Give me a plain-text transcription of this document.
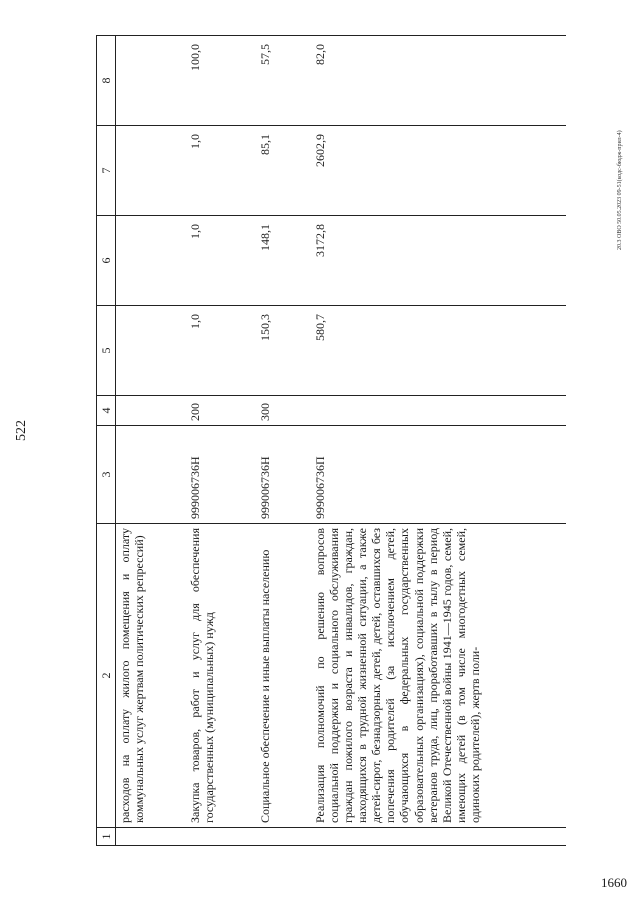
522
1	2	3	4	5	6	7	8
	расходов на оплату жилого помещения и оплату коммунальных услуг жертвам политических репрессий)						
	Закупка товаров, работ и услуг для обеспечения государственных (муниципальных) нужд	999006736Н	200	1,0	1,0	1,0	100,0
	Социальное обеспечение и иные выплаты населению	999006736Н	300	150,3	148,1	85,1	57,5
	Реализация полномочий по решению вопросов социальной поддержки и социального обслуживания граждан пожилого возраста и инвалидов, граждан, находящихся в трудной жизненной ситуации, а также детей-сирот, безнадзорных детей, детей, оставшихся без попечения родителей (за исключением детей, обучающихся в федеральных государственных образовательных организациях), социальной поддержки ветеранов труда, лиц, проработавших в тылу в период Великой Отечественной войны 1941—1945 годов, семей, имеющих детей (в том числе многодетных семей, одиноких родителей), жертв поли-	999006736П		580,7	3172,8	2602,9	82,0
20.3 ОВО 50.05.2023 09-51(кодс-бюдж-прил-4)
1660
